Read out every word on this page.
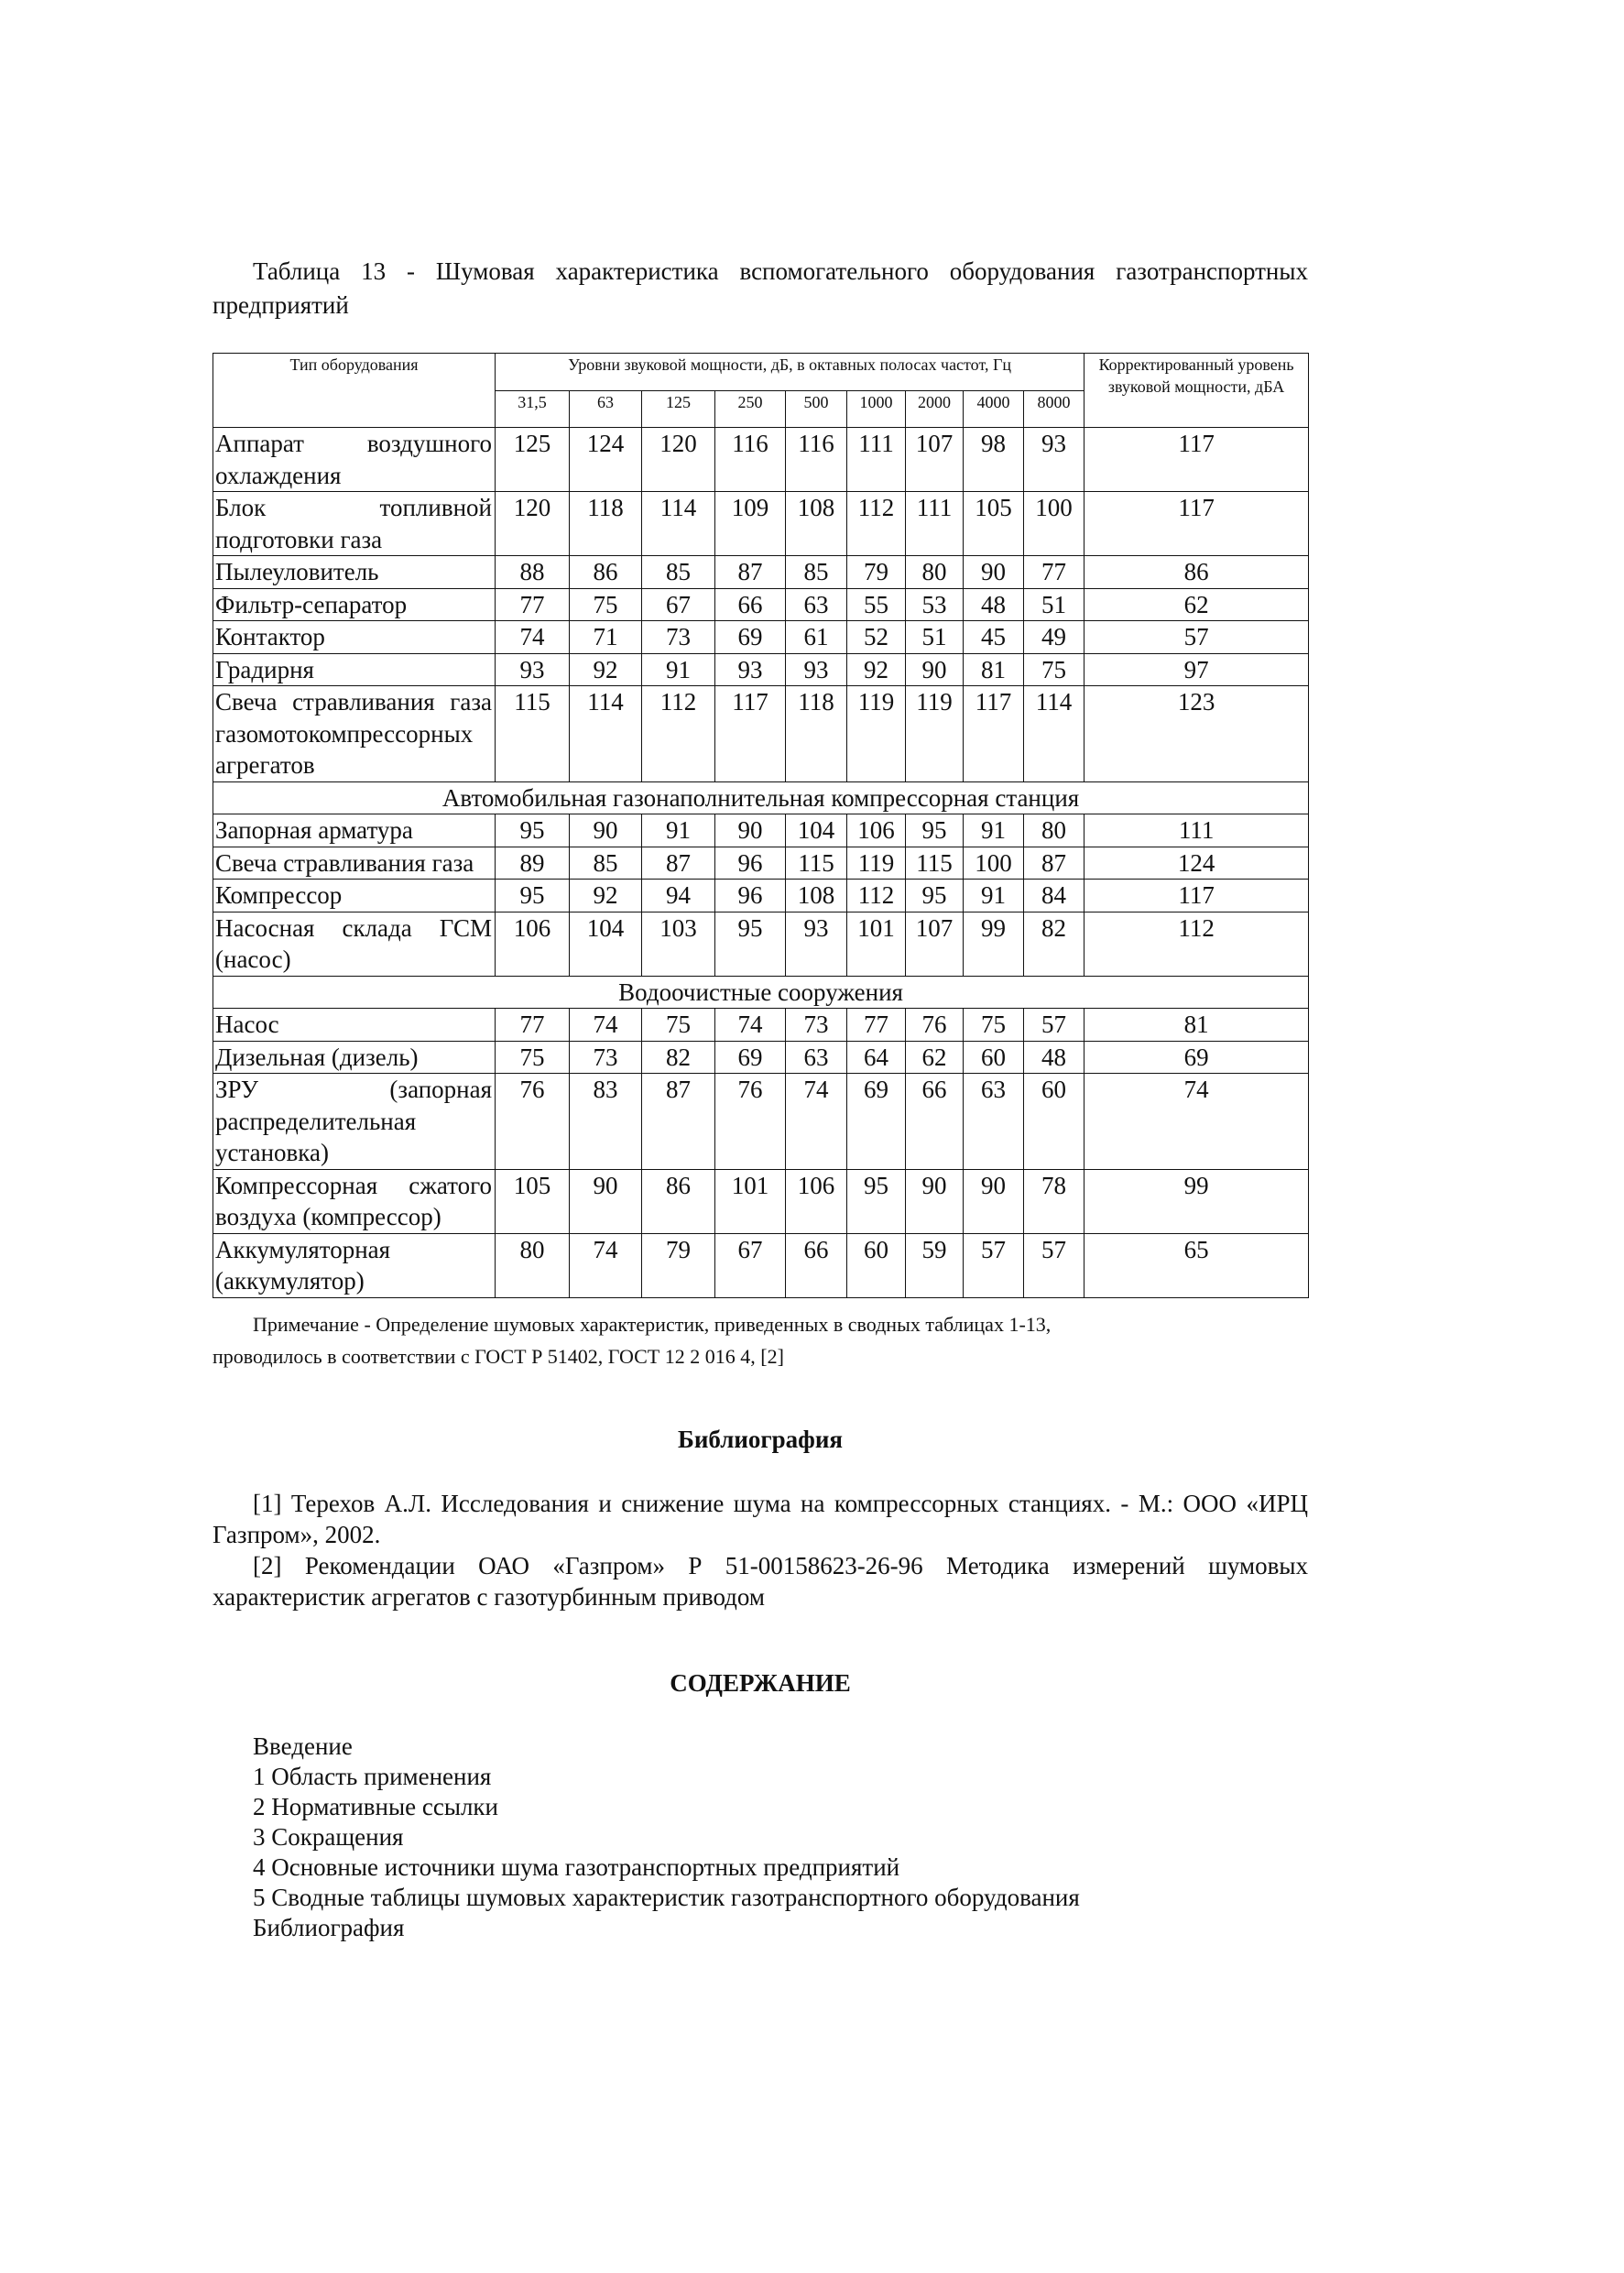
Таблица 13 - Шумовая характеристика вспомогательного оборудования газотранспортных предприятий
Тип оборудования	Уровни звуковой мощности, дБ, в октавных полосах частот, Гц									Корректированный уровень звуковой мощности, дБА
	31,5	63	125	250	500	1000	2000	4000	8000	
Аппарат воздушного охлаждения	125	124	120	116	116	111	107	98	93	117
Блок топливной подготовки газа	120	118	114	109	108	112	111	105	100	117
Пылеуловитель	88	86	85	87	85	79	80	90	77	86
Фильтр-сепаратор	77	75	67	66	63	55	53	48	51	62
Контактор	74	71	73	69	61	52	51	45	49	57
Градирня	93	92	91	93	93	92	90	81	75	97
Свеча стравливания газа газомотокомпрессорных агрегатов	115	114	112	117	118	119	119	117	114	123
Автомобильная газонаполнительная компрессорная станция										
Запорная арматура	95	90	91	90	104	106	95	91	80	111
Свеча стравливания газа	89	85	87	96	115	119	115	100	87	124
Компрессор	95	92	94	96	108	112	95	91	84	117
Насосная склада ГСМ (насос)	106	104	103	95	93	101	107	99	82	112
Водоочистные сооружения										
Насос	77	74	75	74	73	77	76	75	57	81
Дизельная (дизель)	75	73	82	69	63	64	62	60	48	69
ЗРУ (запорная распределительная установка)	76	83	87	76	74	69	66	63	60	74
Компрессорная сжатого воздуха (компрессор)	105	90	86	101	106	95	90	90	78	99
Аккумуляторная (аккумулятор)	80	74	79	67	66	60	59	57	57	65
Примечание - Определение шумовых характеристик, приведенных в сводных таблицах 1-13,
проводилось в соответствии с ГОСТ Р 51402, ГОСТ 12 2 016 4, [2]
Библиография

[1] Терехов А.Л. Исследования и снижение шума на компрессорных станциях. - М.: ООО «ИРЦ Газпром», 2002.

[2] Рекомендации ОАО «Газпром» Р 51-00158623-26-96 Методика измерений шумовых характеристик агрегатов с газотурбинным приводом

СОДЕРЖАНИЕ
Введение
1 Область применения
2 Нормативные ссылки
3 Сокращения
4 Основные источники шума газотранспортных предприятий
5 Сводные таблицы шумовых характеристик газотранспортного оборудования
Библиография
